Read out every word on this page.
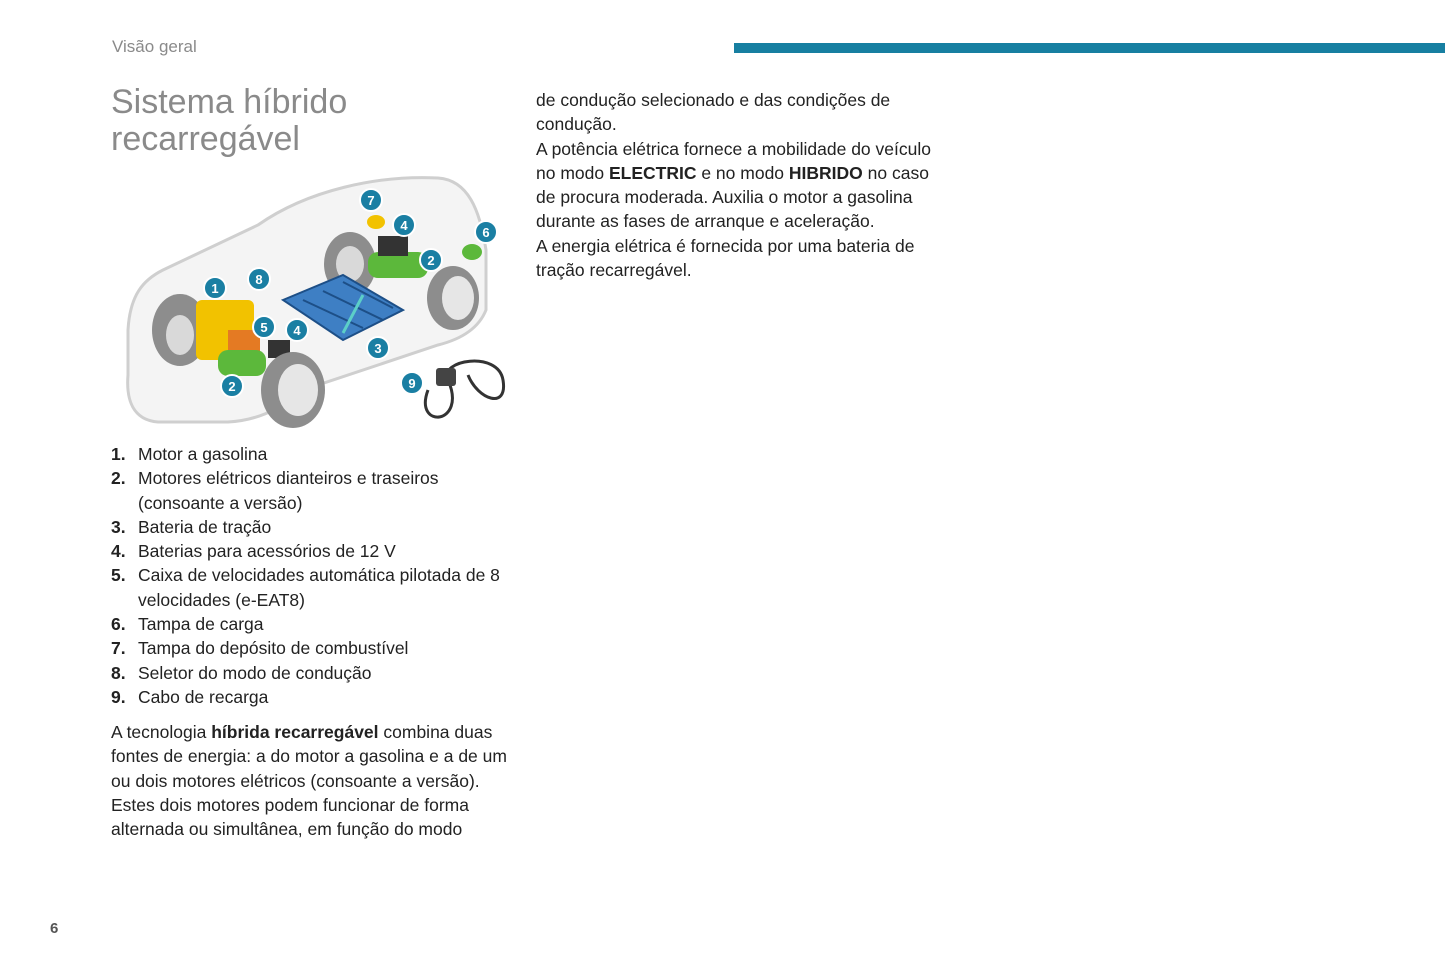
Visão geral
Sistema híbrido
recarregável
1
2
2
3
4
4
5
6
7
8
9
1. Motor a gasolina
2. Motores elétricos dianteiros e traseiros (consoante a versão)
3. Bateria de tração
4. Baterias para acessórios de 12 V
5. Caixa de velocidades automática pilotada de 8 velocidades (e-EAT8)
6. Tampa de carga
7. Tampa do depósito de combustível
8. Seletor do modo de condução
9. Cabo de recarga

A tecnologia híbrida recarregável combina duas fontes de energia: a do motor a gasolina e a de um ou dois motores elétricos (consoante a versão).

Estes dois motores podem funcionar de forma alternada ou simultânea, em função do modo

de condução selecionado e das condições de condução.

A potência elétrica fornece a mobilidade do veículo no modo ELECTRIC e no modo HIBRIDO no caso de procura moderada. Auxilia o motor a gasolina durante as fases de arranque e aceleração.

A energia elétrica é fornecida por uma bateria de tração recarregável.

6
